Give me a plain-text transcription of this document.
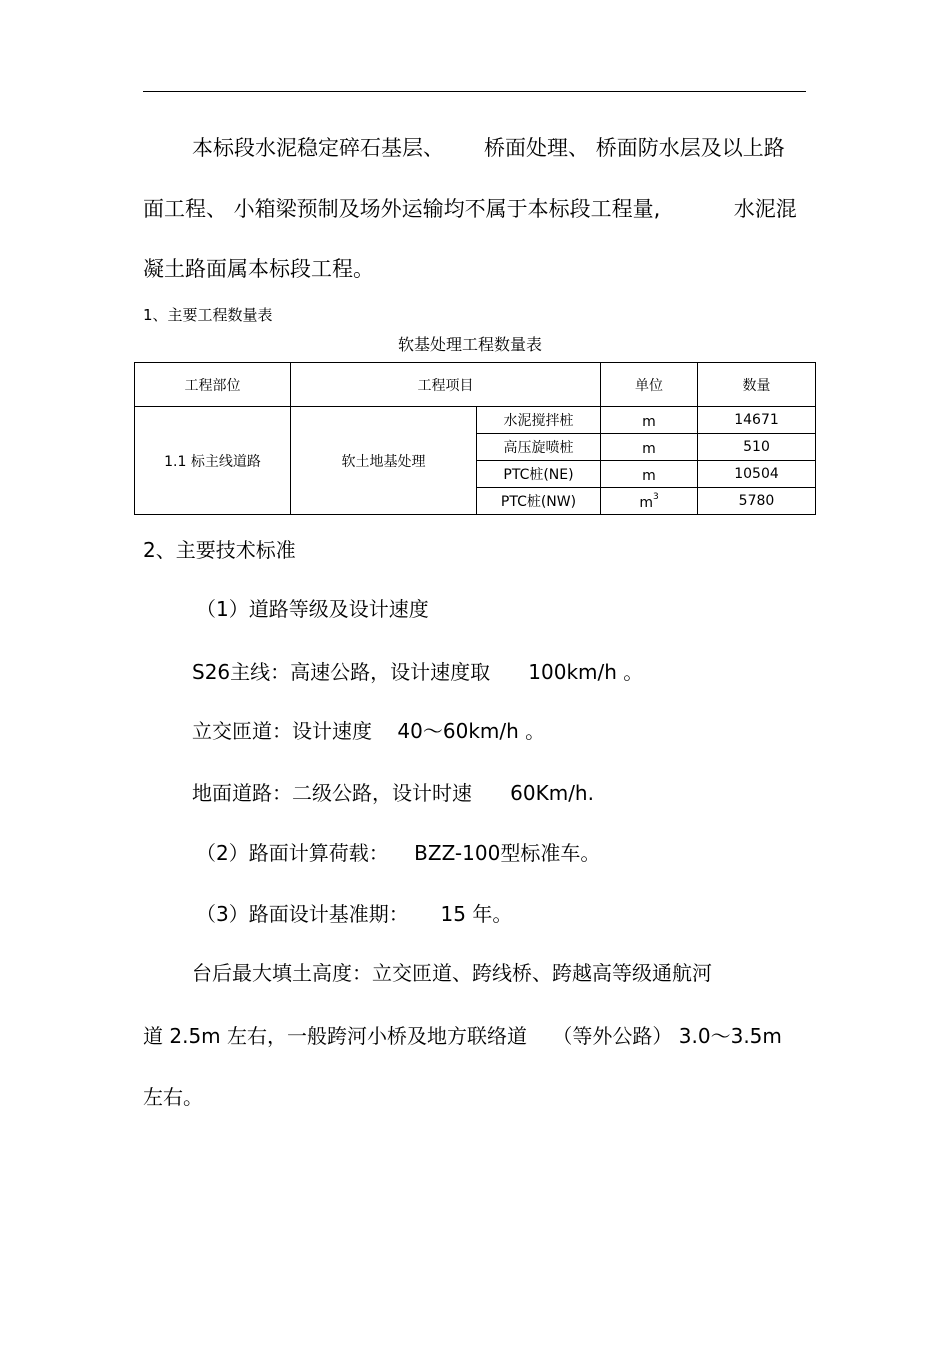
本标段水泥稳定碎石基层、      桥面处理、 桥面防水层及以上路
面工程、 小箱梁预制及场外运输均不属于本标段工程量,           水泥混
凝土路面属本标段工程。
1、主要工程数量表
软基处理工程数量表
工程部位	工程项目		单位	数量
1.1 标主线道路	软土地基处理	水泥搅拌桩	m	14671
		高压旋喷桩	m	510
		PTC桩(NE)	m	10504
		PTC桩(NW)	$m^3$	5780
2、主要技术标准
（1）道路等级及设计速度
S26主线：高速公路，设计速度取      100km/h 。
立交匝道：设计速度    40～60km/h 。
地面道路：二级公路，设计时速      60Km/h.
（2）路面计算荷载：    BZZ-100型标准车。
（3）路面设计基准期：     15 年。
台后最大填土高度：立交匝道、跨线桥、跨越高等级通航河
道 2.5m 左右，一般跨河小桥及地方联络道    （等外公路） 3.0～3.5m
左右。
